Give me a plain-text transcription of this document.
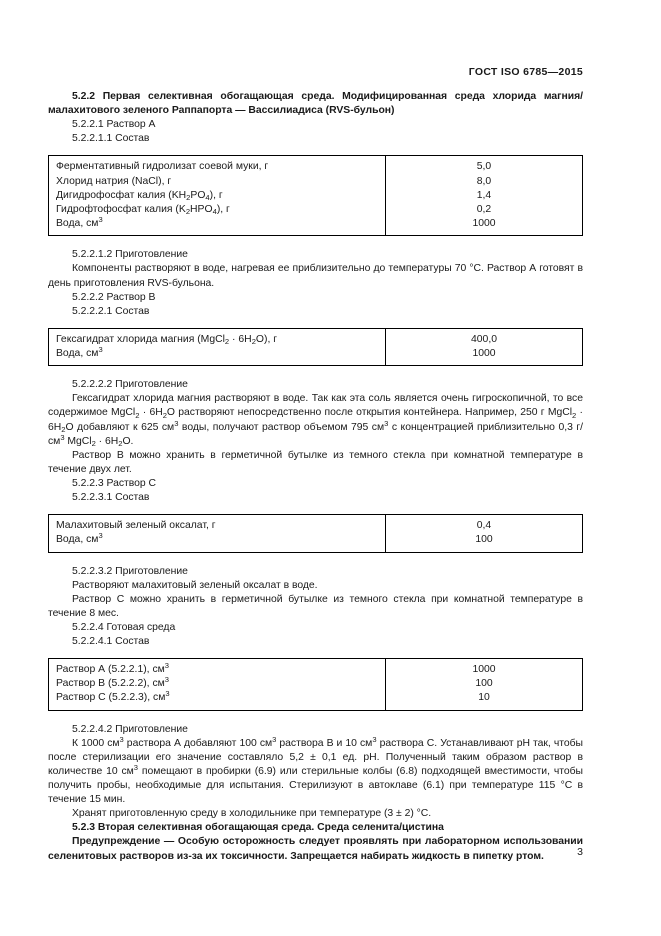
ГОСТ ISO 6785—2015

5.2.2 Первая селективная обогащающая среда. Модифицированная среда хлорида магния/малахитового зеленого Раппапорта — Вассилиадиса (RVS-бульон)

5.2.2.1 Раствор А

5.2.2.1.1 Состав

Ферментативный гидролизат соевой муки, г	5,0
Хлорид натрия (NaCl), г	8,0
Дигидрофосфат калия $(KH_2PO_4)$, г	1,4
Гидрофтофосфат калия $(K_2HPO_4)$, г	0,2
Вода, $см^3$	1000

5.2.2.1.2 Приготовление

Компоненты растворяют в воде, нагревая ее приблизительно до температуры 70 °С. Раствор А готовят в день приготовления RVS-бульона.

5.2.2.2 Раствор В

5.2.2.2.1 Состав

Гексагидрат хлорида магния (MgCl$_2$ · $6H_2O$), г	400,0
Вода, $см^3$	1000

5.2.2.2.2 Приготовление

Гексагидрат хлорида магния растворяют в воде. Так как эта соль является очень гигроскопичной, то все содержимое MgCl$_2$ · $6H_2O$ растворяют непосредственно после открытия контейнера. Например, 250 г MgCl$_2$ · $6H_2O$ добавляют к 625 $см^3$ воды, получают раствор объемом 795 $см^3$ с концентрацией приблизительно 0,3 $г/см^3$ MgCl$_2$ · $6H_2O$.

Раствор В можно хранить в герметичной бутылке из темного стекла при комнатной температуре в течение двух лет.

5.2.2.3 Раствор С

5.2.2.3.1 Состав

Малахитовый зеленый оксалат, г	0,4
Вода, $см^3$	100

5.2.2.3.2 Приготовление

Растворяют малахитовый зеленый оксалат в воде.

Раствор С можно хранить в герметичной бутылке из темного стекла при комнатной температуре в течение 8 мес.

5.2.2.4 Готовая среда

5.2.2.4.1 Состав

Раствор А (5.2.2.1), $см^3$	1000
Раствор В (5.2.2.2), $см^3$	100
Раствор С (5.2.2.3), $см^3$	10

5.2.2.4.2 Приготовление

К 1000 $см^3$ раствора А добавляют 100 $см^3$ раствора В и 10 $см^3$ раствора С. Устанавливают рН так, чтобы после стерилизации его значение составляло 5,2 ± 0,1 ед. рН. Полученный таким образом раствор в количестве 10 $см^3$ помещают в пробирки (6.9) или стерильные колбы (6.8) подходящей вместимости, чтобы получить пробы, необходимые для испытания. Стерилизуют в автоклаве (6.1) при температуре 115 °С в течение 15 мин.

Хранят приготовленную среду в холодильнике при температуре (3 ± 2) °С.

5.2.3 Вторая селективная обогащающая среда. Среда селенита/цистина

Предупреждение — Особую осторожность следует проявлять при лабораторном использовании селенитовых растворов из-за их токсичности. Запрещается набирать жидкость в пипетку ртом.	3
